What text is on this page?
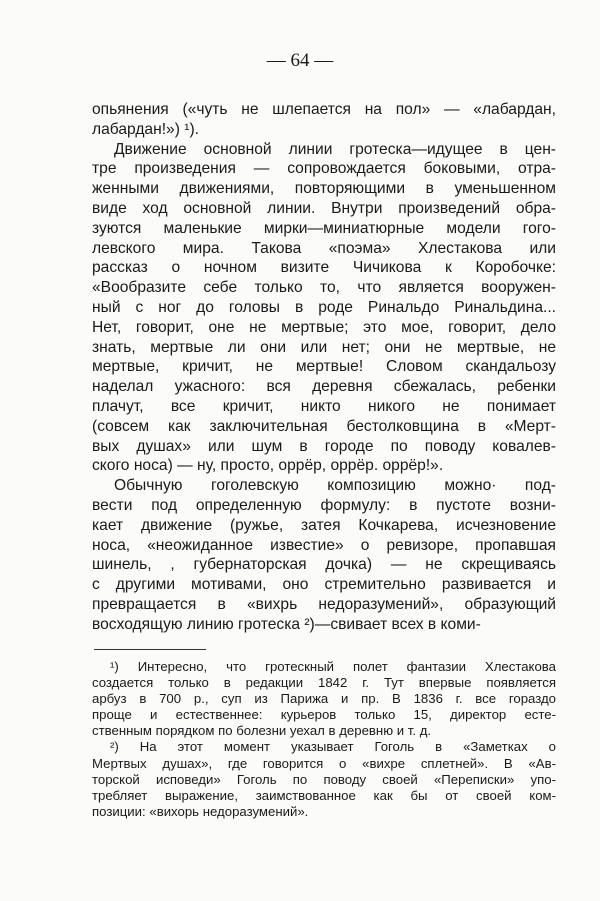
— 64 —
опьянения («чуть не шлепается на пол» — «лабардан,
лабардан!») ¹).
Движение основной линии гротеска—идущее в цен-
тре произведения — сопровождается боковыми, отра-
женными движениями, повторяющими в уменьшенном
виде ход основной линии. Внутри произведений обра-
зуются маленькие мирки—миниатюрные модели гого-
левского мира. Такова «поэма» Хлестакова или
рассказ о ночном визите Чичикова к Коробочке:
«Вообразите себе только то, что является вооружен-
ный с ног до головы в роде Ринальдо Ринальдина...
Нет, говорит, оне не мертвые; это мое, говорит, дело
знать, мертвые ли они или нет; они не мертвые, не
мертвые, кричит, не мертвые! Словом скандальозу
наделал ужасного: вся деревня сбежалась, ребенки
плачут, все кричит, никто никого не понимает
(совсем как заключительная бестолковщина в «Мерт-
вых душах» или шум в городе по поводу ковалев-
ского носа) — ну, просто, оррёр, оррёр. оррёр!».
Обычную гоголевскую композицию можно· под-
вести под определенную формулу: в пустоте возни-
кает движение (ружье, затея Кочкарева, исчезновение
носа, «неожиданное известие» о ревизоре, пропавшая
шинель, , губернаторская дочка) — не скрещиваясь
с другими мотивами, оно стремительно развивается и
превращается в «вихрь недоразумений», образующий
восходящую линию гротеска ²)—свивает всех в коми-
¹) Интересно, что гротескный полет фантазии Хлестакова
создается только в редакции 1842 г. Тут впервые появляется
арбуз в 700 р., суп из Парижа и пр. В 1836 г. все гораздо
проще и естественнее: курьеров только 15, директор есте-
ственным порядком по болезни уехал в деревню и т. д.
²) На этот момент указывает Гоголь в «Заметках о
Мертвых душах», где говорится о «вихре сплетней». В «Ав-
торской исповеди» Гоголь по поводу своей «Переписки» упо-
требляет выражение, заимствованное как бы от своей ком-
позиции: «вихорь недоразумений».
